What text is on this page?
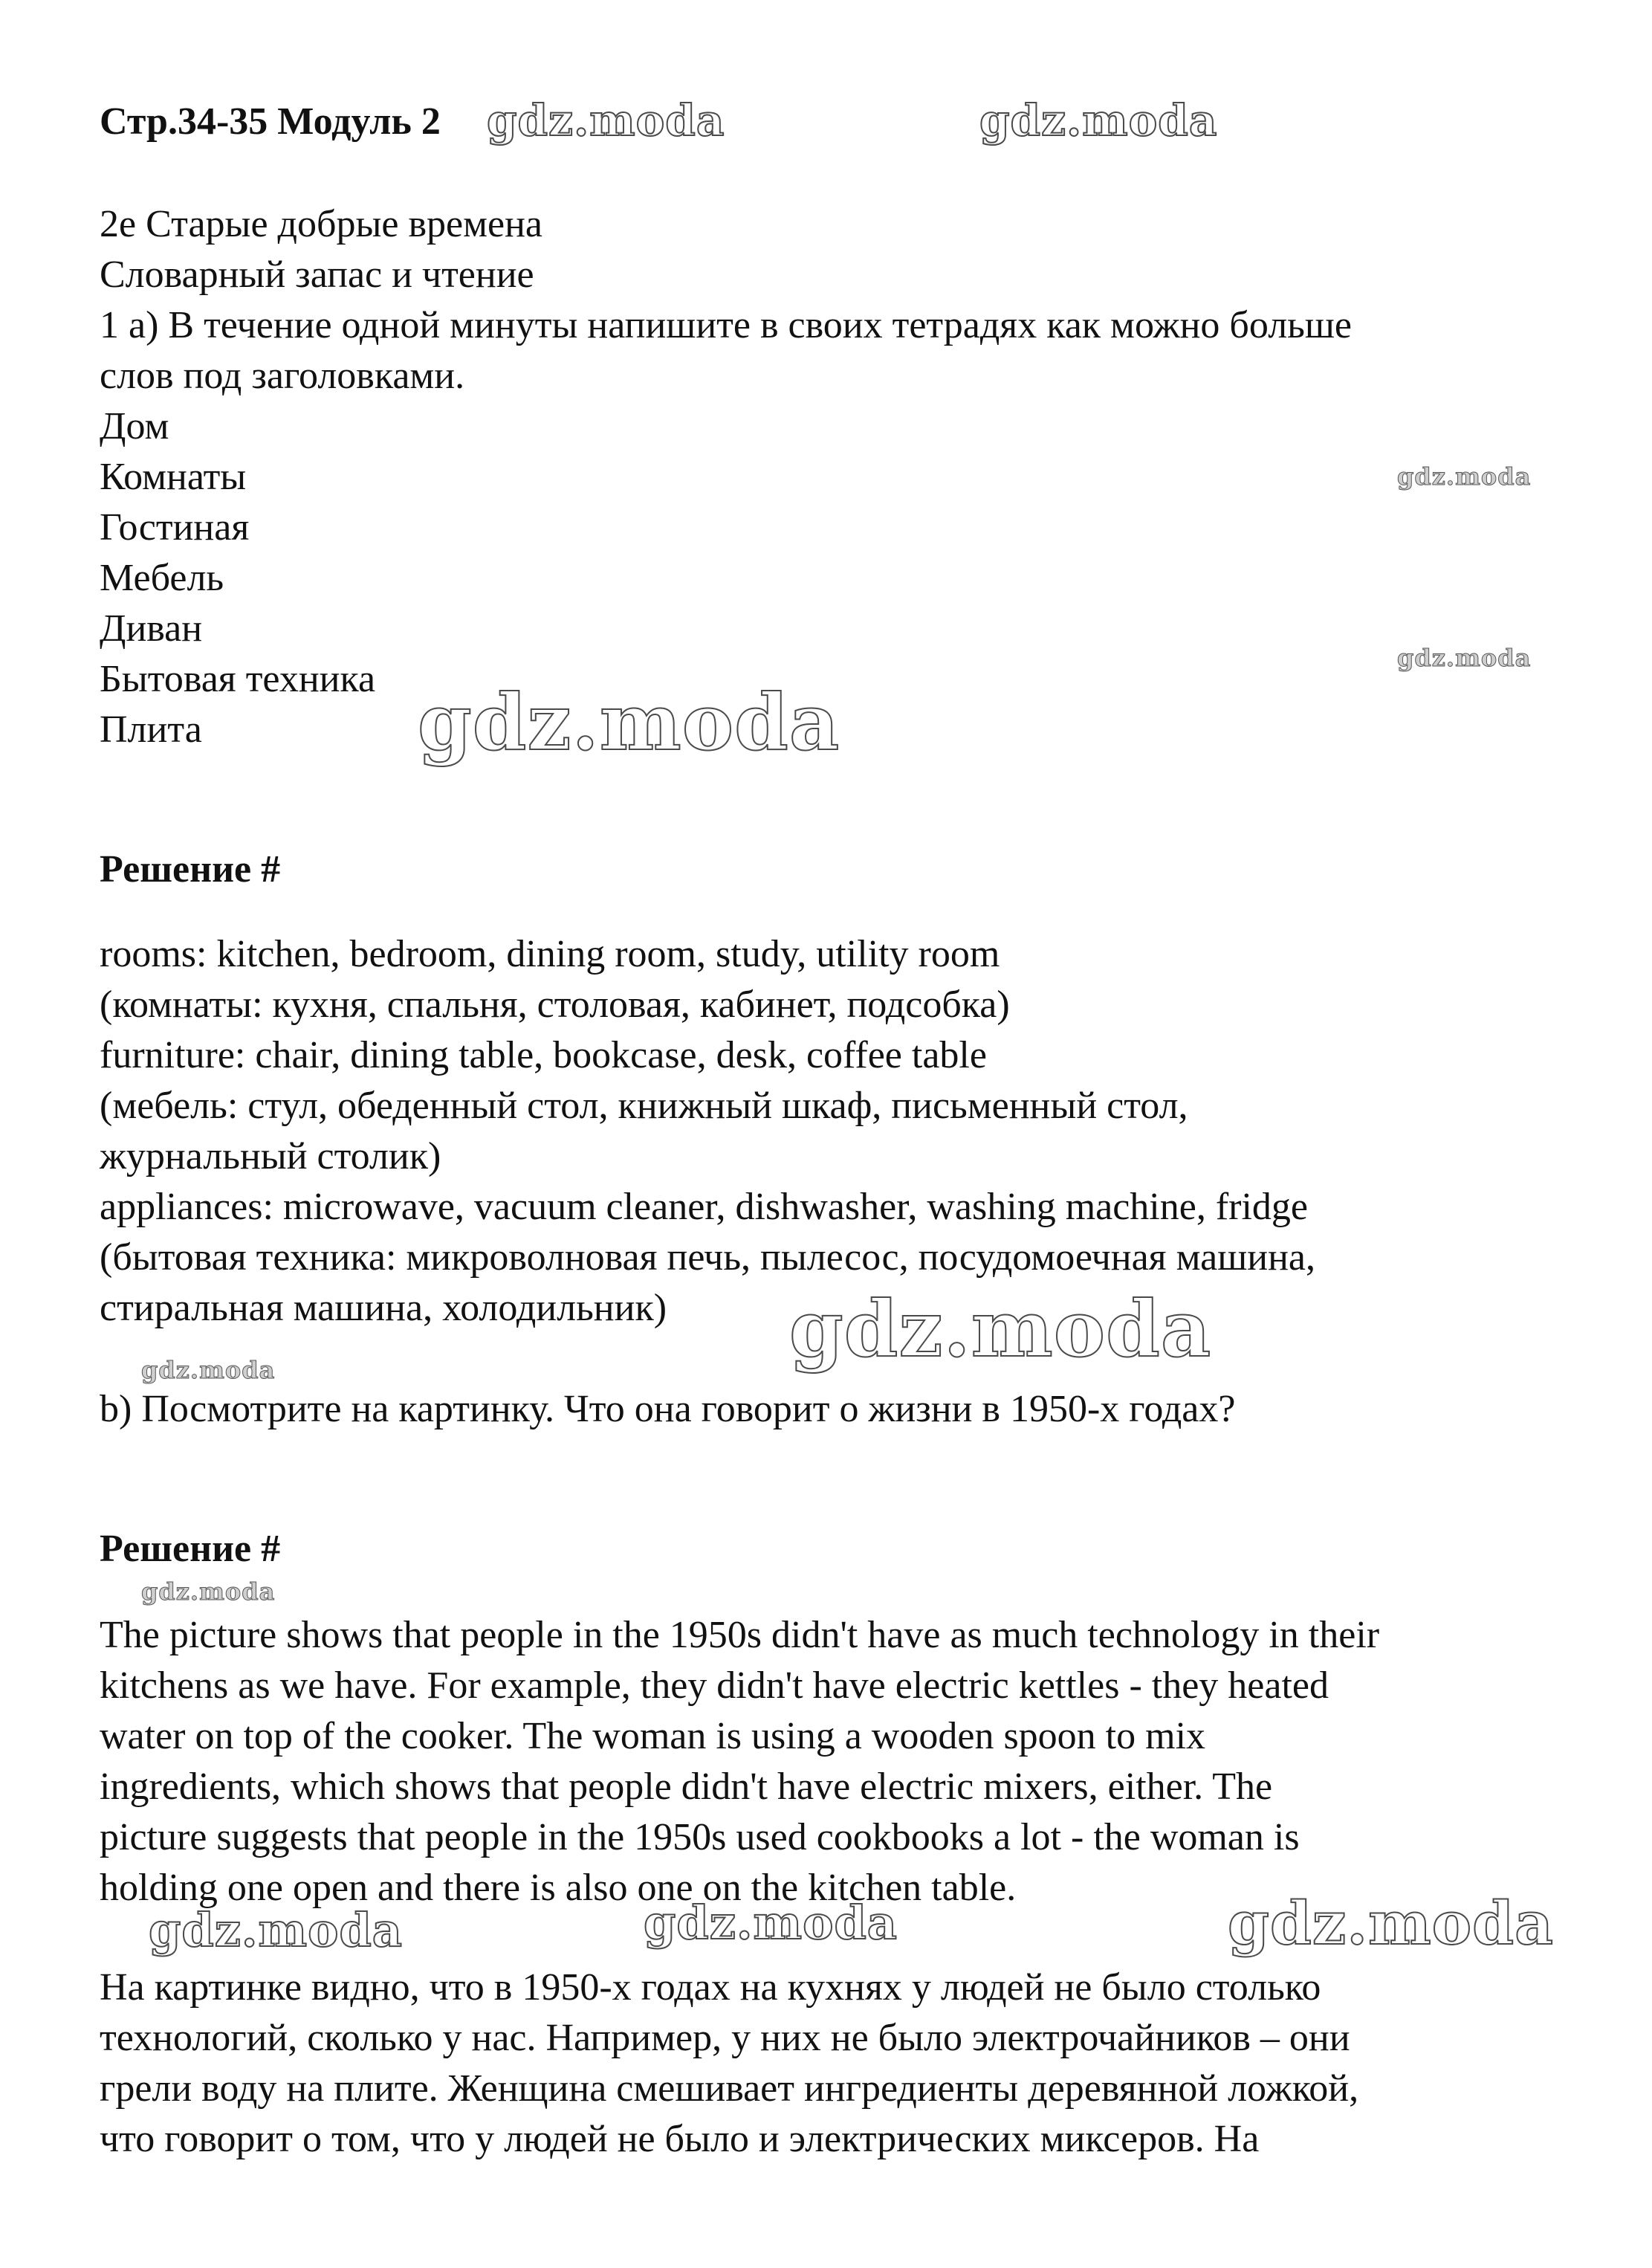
Стр.34-35 Модуль 2
2е Старые добрые времена
Словарный запас и чтение
1 а) В течение одной минуты напишите в своих тетрадях как можно больше
слов под заголовками.
Дом
Комнаты
Гостиная
Мебель
Диван
Бытовая техника
Плита
Решение #
rooms: kitchen, bedroom, dining room, study, utility room
(комнаты: кухня, спальня, столовая, кабинет, подсобка)
furniture: chair, dining table, bookcase, desk, coffee table
(мебель: стул, обеденный стол, книжный шкаф, письменный стол,
журнальный столик)
appliances: microwave, vacuum cleaner, dishwasher, washing machine, fridge
(бытовая техника: микроволновая печь, пылесос, посудомоечная машина,
стиральная машина, холодильник)
b) Посмотрите на картинку. Что она говорит о жизни в 1950-х годах?
Решение #
The picture shows that people in the 1950s didn't have as much technology in their
kitchens as we have. For example, they didn't have electric kettles - they heated
water on top of the cooker. The woman is using a wooden spoon to mix
ingredients, which shows that people didn't have electric mixers, either. The
picture suggests that people in the 1950s used cookbooks a lot - the woman is
holding one open and there is also one on the kitchen table.
На картинке видно, что в 1950-х годах на кухнях у людей не было столько
технологий, сколько у нас. Например, у них не было электрочайников – они
грели воду на плите. Женщина смешивает ингредиенты деревянной ложкой,
что говорит о том, что у людей не было и электрических миксеров. На
gdz.moda	gdz.moda
gdz.moda
gdz.moda
gdz.moda
gdz.moda
gdz.moda
gdz.moda
gdz.moda	gdz.moda	gdz.moda
